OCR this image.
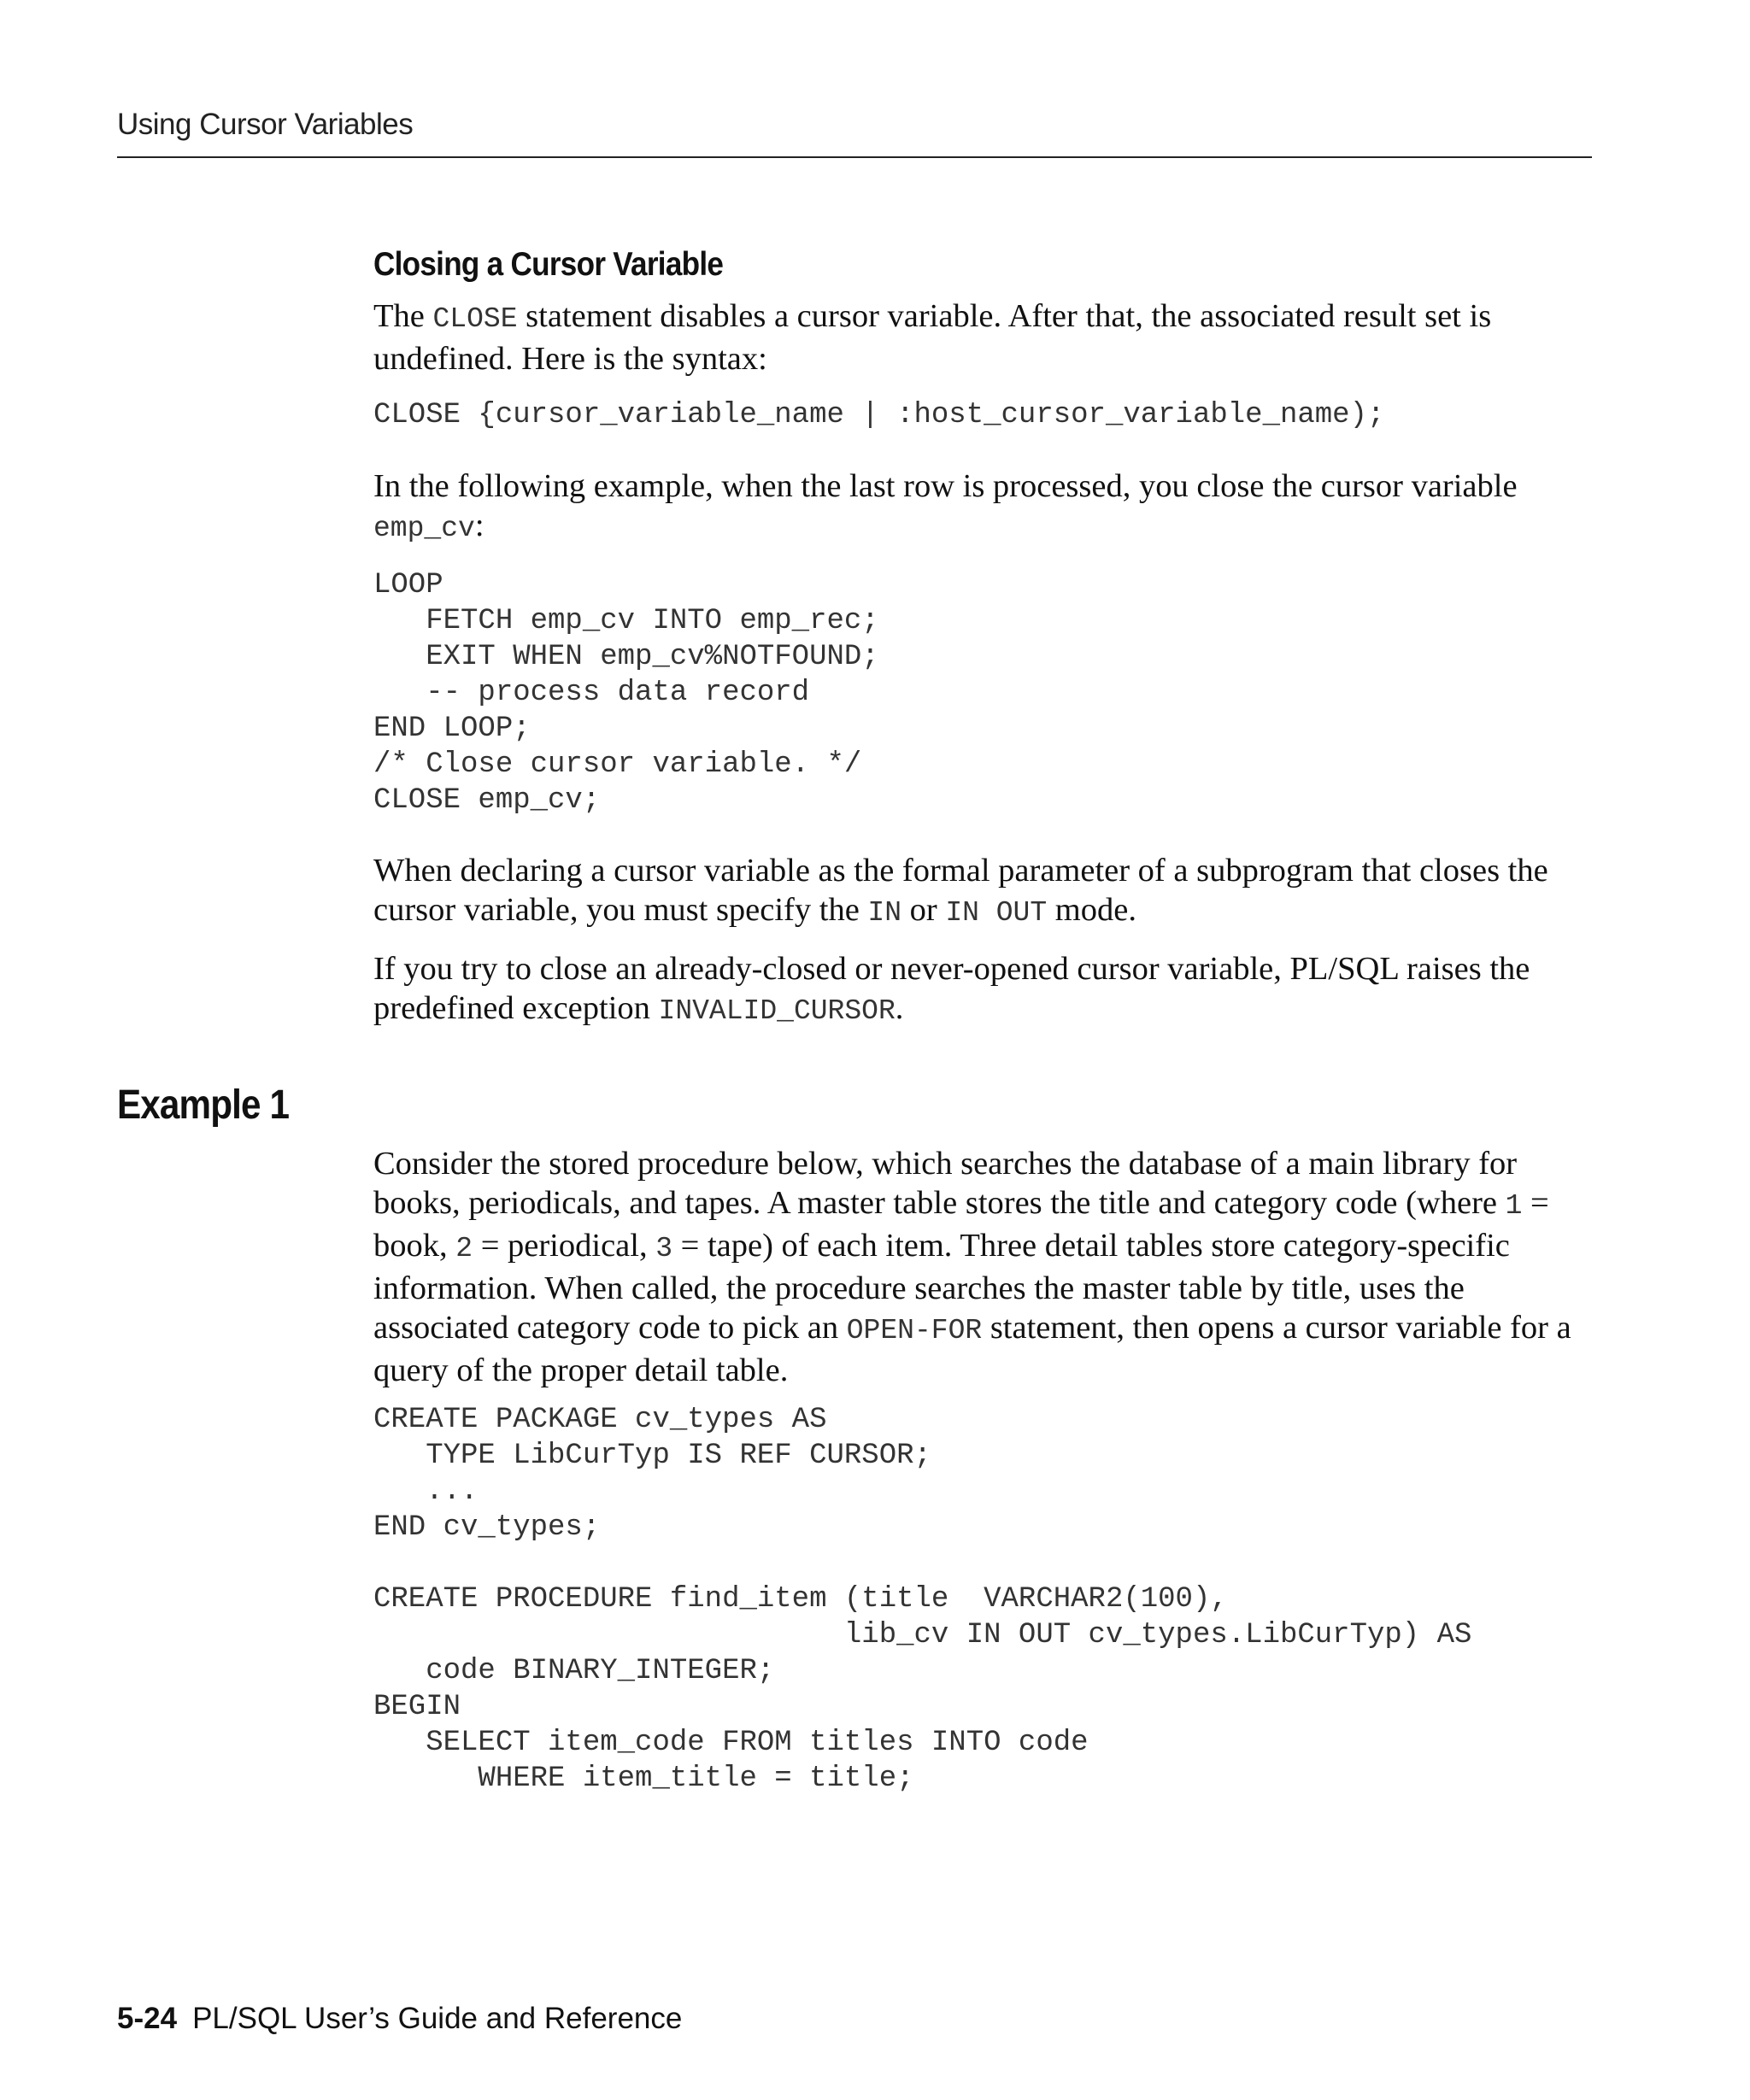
Using Cursor Variables
Closing a Cursor Variable

The CLOSE statement disables a cursor variable. After that, the associated result set is undefined. Here is the syntax:

CLOSE {cursor_variable_name | :host_cursor_variable_name);

In the following example, when the last row is processed, you close the cursor variable emp_cv:

LOOP
FETCH emp_cv INTO emp_rec;
EXIT WHEN emp_cv%NOTFOUND;
-- process data record
END LOOP;
/* Close cursor variable. */
CLOSE emp_cv;

When declaring a cursor variable as the formal parameter of a subprogram that closes the cursor variable, you must specify the IN or IN OUT mode.

If you try to close an already-closed or never-opened cursor variable, PL/SQL raises the predefined exception INVALID_CURSOR.

Example 1

Consider the stored procedure below, which searches the database of a main library for books, periodicals, and tapes. A master table stores the title and category code (where 1 = book, 2 = periodical, 3 = tape) of each item. Three detail tables store category-specific information. When called, the procedure searches the master table by title, uses the associated category code to pick an OPEN-FOR statement, then opens a cursor variable for a query of the proper detail table.

CREATE PACKAGE cv_types AS
TYPE LibCurTyp IS REF CURSOR;
...
END cv_types;

CREATE PROCEDURE find_item (title  VARCHAR2(100),
lib_cv IN OUT cv_types.LibCurTyp) AS
code BINARY_INTEGER;
BEGIN
SELECT item_code FROM titles INTO code
WHERE item_title = title;
5-24 PL/SQL User’s Guide and Reference
